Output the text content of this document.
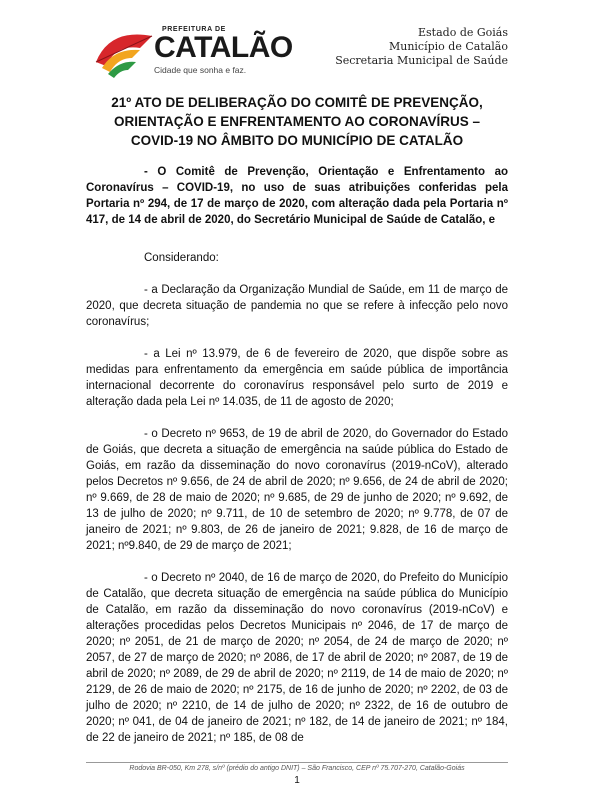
PREFEITURA DE
CATALÃO
Cidade que sonha e faz.
Estado de Goiás
Município de Catalão
Secretaria Municipal de Saúde
21º ATO DE DELIBERAÇÃO DO COMITÊ DE PREVENÇÃO,
ORIENTAÇÃO E ENFRENTAMENTO AO CORONAVÍRUS –
COVID-19 NO ÂMBITO DO MUNICÍPIO DE CATALÃO

- O Comitê de Prevenção, Orientação e Enfrentamento ao Coronavírus – COVID-19, no uso de suas atribuições conferidas pela Portaria nº 294, de 17 de março de 2020, com alteração dada pela Portaria nº 417, de 14 de abril de 2020, do Secretário Municipal de Saúde de Catalão, e

Considerando:

- a Declaração da Organização Mundial de Saúde, em 11 de março de 2020, que decreta situação de pandemia no que se refere à infecção pelo novo coronavírus;

- a Lei nº 13.979, de 6 de fevereiro de 2020, que dispõe sobre as medidas para enfrentamento da emergência em saúde pública de importância internacional decorrente do coronavírus responsável pelo surto de 2019 e alteração dada pela Lei nº 14.035, de 11 de agosto de 2020;

- o Decreto nº 9653, de 19 de abril de 2020, do Governador do Estado de Goiás, que decreta a situação de emergência na saúde pública do Estado de Goiás, em razão da disseminação do novo coronavírus (2019-nCoV), alterado pelos Decretos nº 9.656, de 24 de abril de 2020; nº 9.656, de 24 de abril de 2020; nº 9.669, de 28 de maio de 2020; nº 9.685, de 29 de junho de 2020; nº 9.692, de 13 de julho de 2020; nº 9.711, de 10 de setembro de 2020; nº 9.778, de 07 de janeiro de 2021; nº 9.803, de 26 de janeiro de 2021; 9.828, de 16 de março de 2021; nº9.840, de 29 de março de 2021;

- o Decreto nº 2040, de 16 de março de 2020, do Prefeito do Município de Catalão, que decreta situação de emergência na saúde pública do Município de Catalão, em razão da disseminação do novo coronavírus (2019-nCoV) e alterações procedidas pelos Decretos Municipais nº 2046, de 17 de março de 2020; nº 2051, de 21 de março de 2020; nº 2054, de 24 de março de 2020; nº 2057, de 27 de março de 2020; nº 2086, de 17 de abril de 2020; nº 2087, de 19 de abril de 2020; nº 2089, de 29 de abril de 2020; nº 2119, de 14 de maio de 2020; nº 2129, de 26 de maio de 2020; nº 2175, de 16 de junho de 2020; nº 2202, de 03 de julho de 2020; nº 2210, de 14 de julho de 2020; nº 2322, de 16 de outubro de 2020; nº 041, de 04 de janeiro de 2021; nº 182, de 14 de janeiro de 2021; nº 184, de 22 de janeiro de 2021; nº 185, de 08 de

Rodovia BR-050, Km 278, s/nº (prédio do antigo DNIT) – São Francisco, CEP nº 75.707-270, Catalão-Goiás
1
